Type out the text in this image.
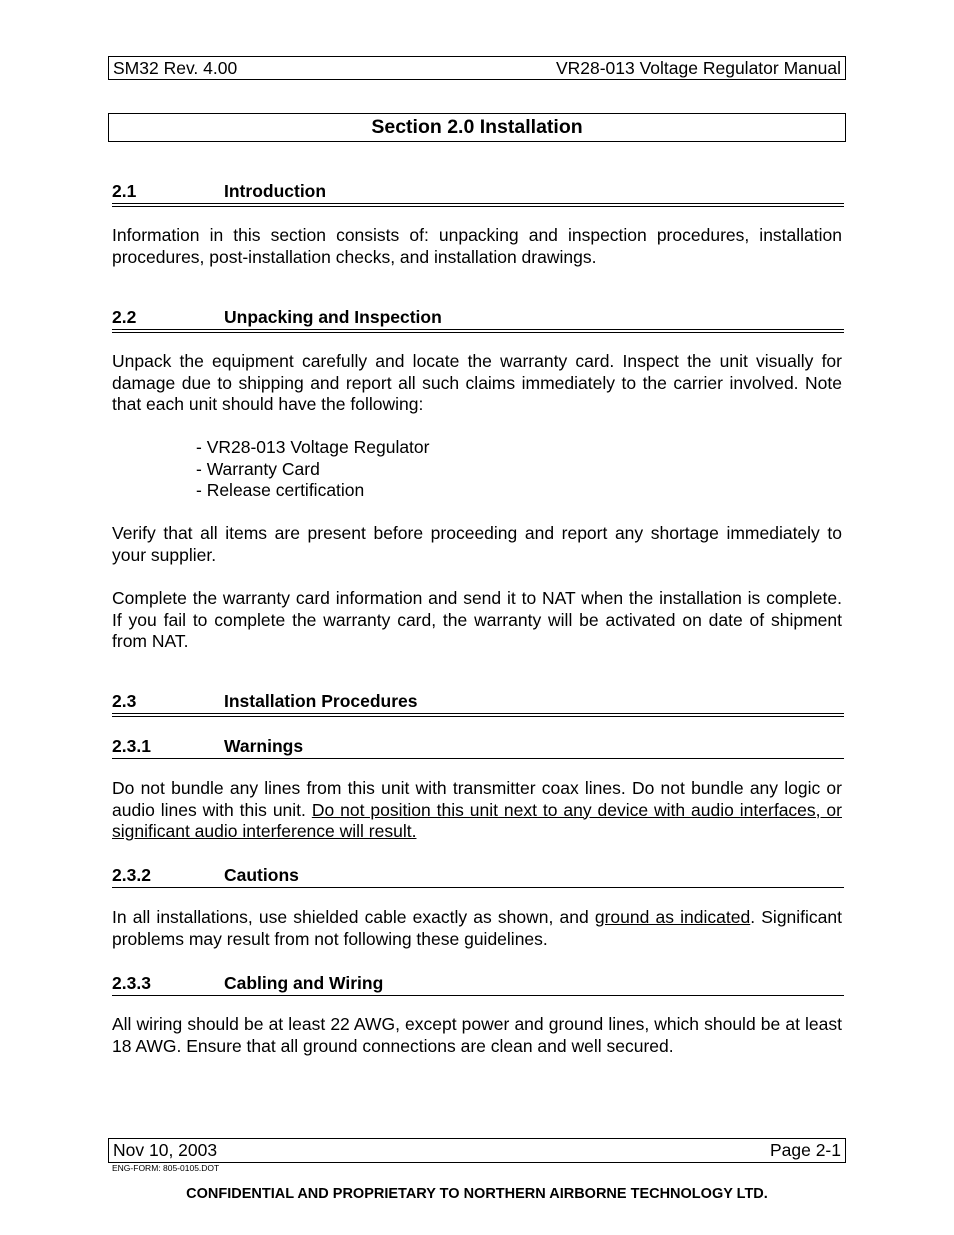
SM32 Rev. 4.00	VR28-013 Voltage Regulator Manual
Section 2.0 Installation
2.1	Introduction
Information in this section consists of: unpacking and inspection procedures, installation procedures, post-installation checks, and installation drawings.
2.2	Unpacking and Inspection
Unpack the equipment carefully and locate the warranty card. Inspect the unit visually for damage due to shipping and report all such claims immediately to the carrier involved. Note that each unit should have the following:
- VR28-013 Voltage Regulator
- Warranty Card
- Release certification
Verify that all items are present before proceeding and report any shortage immediately to your supplier.
Complete the warranty card information and send it to NAT when the installation is complete. If you fail to complete the warranty card, the warranty will be activated on date of shipment from NAT.
2.3	Installation Procedures
2.3.1	Warnings
Do not bundle any lines from this unit with transmitter coax lines. Do not bundle any logic or audio lines with this unit. Do not position this unit next to any device with audio interfaces, or significant audio interference will result.
2.3.2	Cautions
In all installations, use shielded cable exactly as shown, and ground as indicated. Significant problems may result from not following these guidelines.
2.3.3	Cabling and Wiring
All wiring should be at least 22 AWG, except power and ground lines, which should be at least 18 AWG. Ensure that all ground connections are clean and well secured.
Nov 10, 2003	Page 2-1
ENG-FORM: 805-0105.DOT
CONFIDENTIAL AND PROPRIETARY TO NORTHERN AIRBORNE TECHNOLOGY LTD.
